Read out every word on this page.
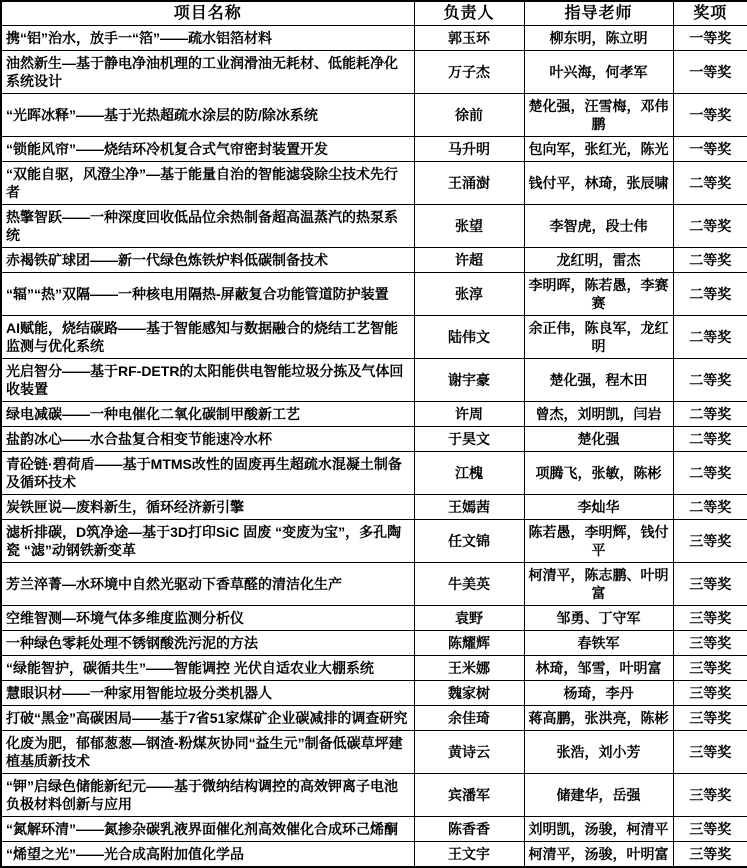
项目名称	负责人	指导老师	奖项
携“铝”治水，放手一“箔”——疏水铝箔材料	郭玉环	柳东明，陈立明	一等奖
油然新生—基于静电净油机理的工业润滑油无耗材、低能耗净化系统设计	万子杰	叶兴海，何孝军	一等奖
“光晖冰释”——基于光热超疏水涂层的防/除冰系统	徐前	楚化强，汪雪梅，邓伟鹏	一等奖
“锁能风帘”——烧结环冷机复合式气帘密封装置开发	马升明	包向军，张红光，陈光	一等奖
“双能自驱，风澄尘净”—基于能量自治的智能滤袋除尘技术先行者	王涌澍	钱付平，林琦，张辰啸	二等奖
热擎智跃——一种深度回收低品位余热制备超高温蒸汽的热泵系统	张望	李智虎，段士伟	二等奖
赤褐铁矿球团——新一代绿色炼铁炉料低碳制备技术	许超	龙红明，雷杰	二等奖
“辐”“热”双隔——一种核电用隔热-屏蔽复合功能管道防护装置	张淳	李明晖，陈若愚，李赛赛	二等奖
AI赋能，烧结碳路——基于智能感知与数据融合的烧结工艺智能监测与优化系统	陆伟文	余正伟，陈良军，龙红明	二等奖
光启智分——基于RF-DETR的太阳能供电智能垃圾分拣及气体回收装置	谢宇豪	楚化强，程木田	二等奖
绿电减碳——一种电催化二氧化碳制甲酸新工艺	许周	曾杰，刘明凯，闫岩	二等奖
盐韵冰心——水合盐复合相变节能速冷水杯	于昊文	楚化强	二等奖
青砼链·碧荷盾——基于MTMS改性的固废再生超疏水混凝土制备及循环技术	江槐	项腾飞，张敏，陈彬	二等奖
炭铁匣说—废料新生，循环经济新引擎	王嫣茜	李灿华	二等奖
滤析排碳，D筑净途—基于3D打印SiC 固废 “变废为宝”，多孔陶瓷 “滤”动钢铁新变革	任文锦	陈若愚，李明辉，钱付平	三等奖
芳兰淬菁—水环境中自然光驱动下香草醛的清洁化生产	牛美英	柯清平，陈志鹏、叶明富	三等奖
空维智测—环境气体多维度监测分析仪	袁野	邹勇、丁守军	三等奖
一种绿色零耗处理不锈钢酸洗污泥的方法	陈耀辉	春铁军	三等奖
“绿能智护，碳循共生”——智能调控 光伏自适农业大棚系统	王米娜	林琦，邹雪，叶明富	三等奖
慧眼识材——一种家用智能垃圾分类机器人	魏家树	杨琦，李丹	三等奖
打破“黑金”高碳困局——基于7省51家煤矿企业碳减排的调查研究	余佳琦	蒋高鹏，张洪亮，陈彬	三等奖
化废为肥，郁郁葱葱—钢渣-粉煤灰协同“益生元”制备低碳草坪建植基质新技术	黄诗云	张浩，刘小芳	三等奖
“钾”启绿色储能新纪元——基于微纳结构调控的高效钾离子电池负极材料创新与应用	宾潘军	储建华，岳强	三等奖
“氮解环清”——氮掺杂碳乳液界面催化剂高效催化合成环己烯酮	陈香香	刘明凯，汤骏，柯清平	三等奖
“烯望之光”——光合成高附加值化学品	王文宇	柯清平，汤骏，叶明富	三等奖
